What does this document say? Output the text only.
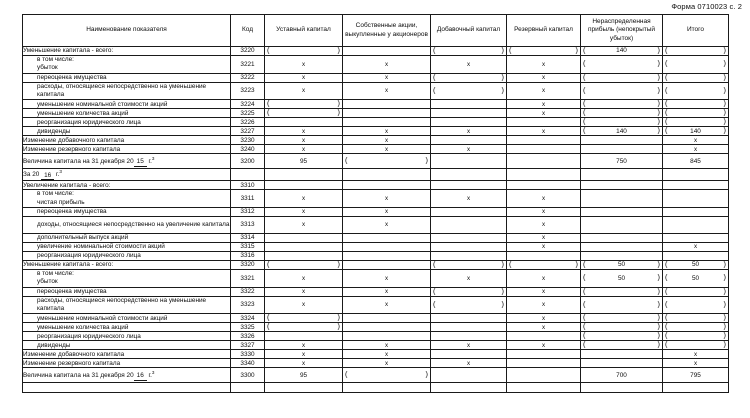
Форма 0710023 с. 2
Наименование показателя	Код	Уставный капитал	Собственные акции, выкупленные у акционеров	Добавочный капитал	Резервный капитал	Нераспределенная прибыль (непокрытый убыток)	Итого
Уменьшение капитала - всего:	3220	( )		( )	( )	( 140 )	( )
в том числе:
убыток	3221	х	х	х	х	( )	( )
переоценка имущества	3222	х	х	( )	х	( )	( )
расходы, относящиеся непосредственно на уменьшение капитала	3223	х	х	( )	х	( )	( )
уменьшение номинальной стоимости акций	3224	( )			х	( )	( )
уменьшение количества акций	3225	( )			х	( )	( )
реорганизация юридического лица	3226					( )	( )
дивиденды	3227	х	х	х	х	( 140 )	( 140 )
Изменение добавочного капитала	3230	х	х				х
Изменение резервного капитала	3240	х	х	х			х
Величина капитала на 31 декабря 20 15 г.$^3$	3200	95	( )			750	845
За 20 16 г.$^3$							
Увеличение капитала - всего:	3310						
в том числе:
чистая прибыль	3311	х	х	х	х		
переоценка имущества	3312	х	х		х		
доходы, относящиеся непосредственно на увеличение капитала	3313	х	х		х		
дополнительный выпуск акций	3314				х		
увеличение номинальной стоимости акций	3315				х		х
реорганизация юридического лица	3316						
Уменьшение капитала - всего:	3320	( )		( )	( )	( 50 )	( 50 )
в том числе:
убыток	3321	х	х	х	х	( 50 )	( 50 )
переоценка имущества	3322	х	х	( )	х	( )	( )
расходы, относящиеся непосредственно на уменьшение капитала	3323	х	х	( )	х	( )	( )
уменьшение номинальной стоимости акций	3324	( )			х	( )	( )
уменьшение количества акций	3325	( )			х	( )	( )
реорганизация юридического лица	3326					( )	( )
дивиденды	3327	х	х	х	х	( )	( )
Изменение добавочного капитала	3330	х	х				х
Изменение резервного капитала	3340	х	х	х			х
Величина капитала на 31 декабря 20 16 г.$^3$	3300	95	( )			700	795
